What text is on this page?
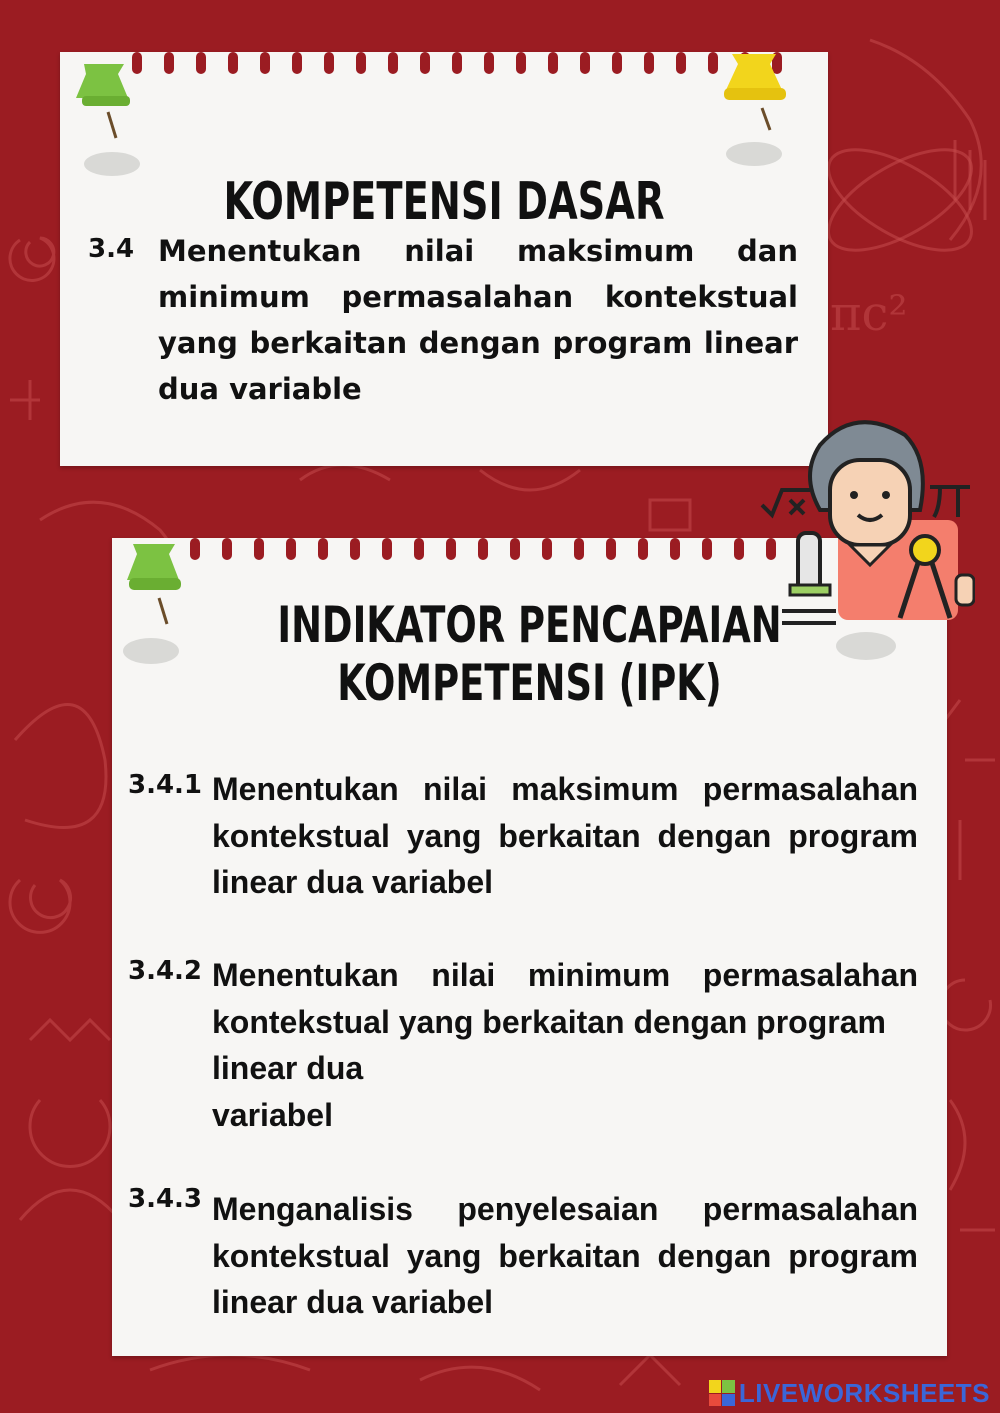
πc²
KOMPETENSI DASAR
3.4 Menentukan nilai maksimum dan minimum permasalahan kontekstual yang berkaitan dengan program linear dua variable
INDIKATOR PENCAPAIAN
KOMPETENSI (IPK)
3.4.1 Menentukan nilai maksimum permasalahan kontekstual yang berkaitan dengan program linear dua variabel
3.4.2 Menentukan nilai minimum permasalahan kontekstual yang berkaitan dengan program
linear dua
variabel
3.4.3 Menganalisis penyelesaian permasalahan kontekstual yang berkaitan dengan program linear dua variabel
LIVEWORKSHEETS
